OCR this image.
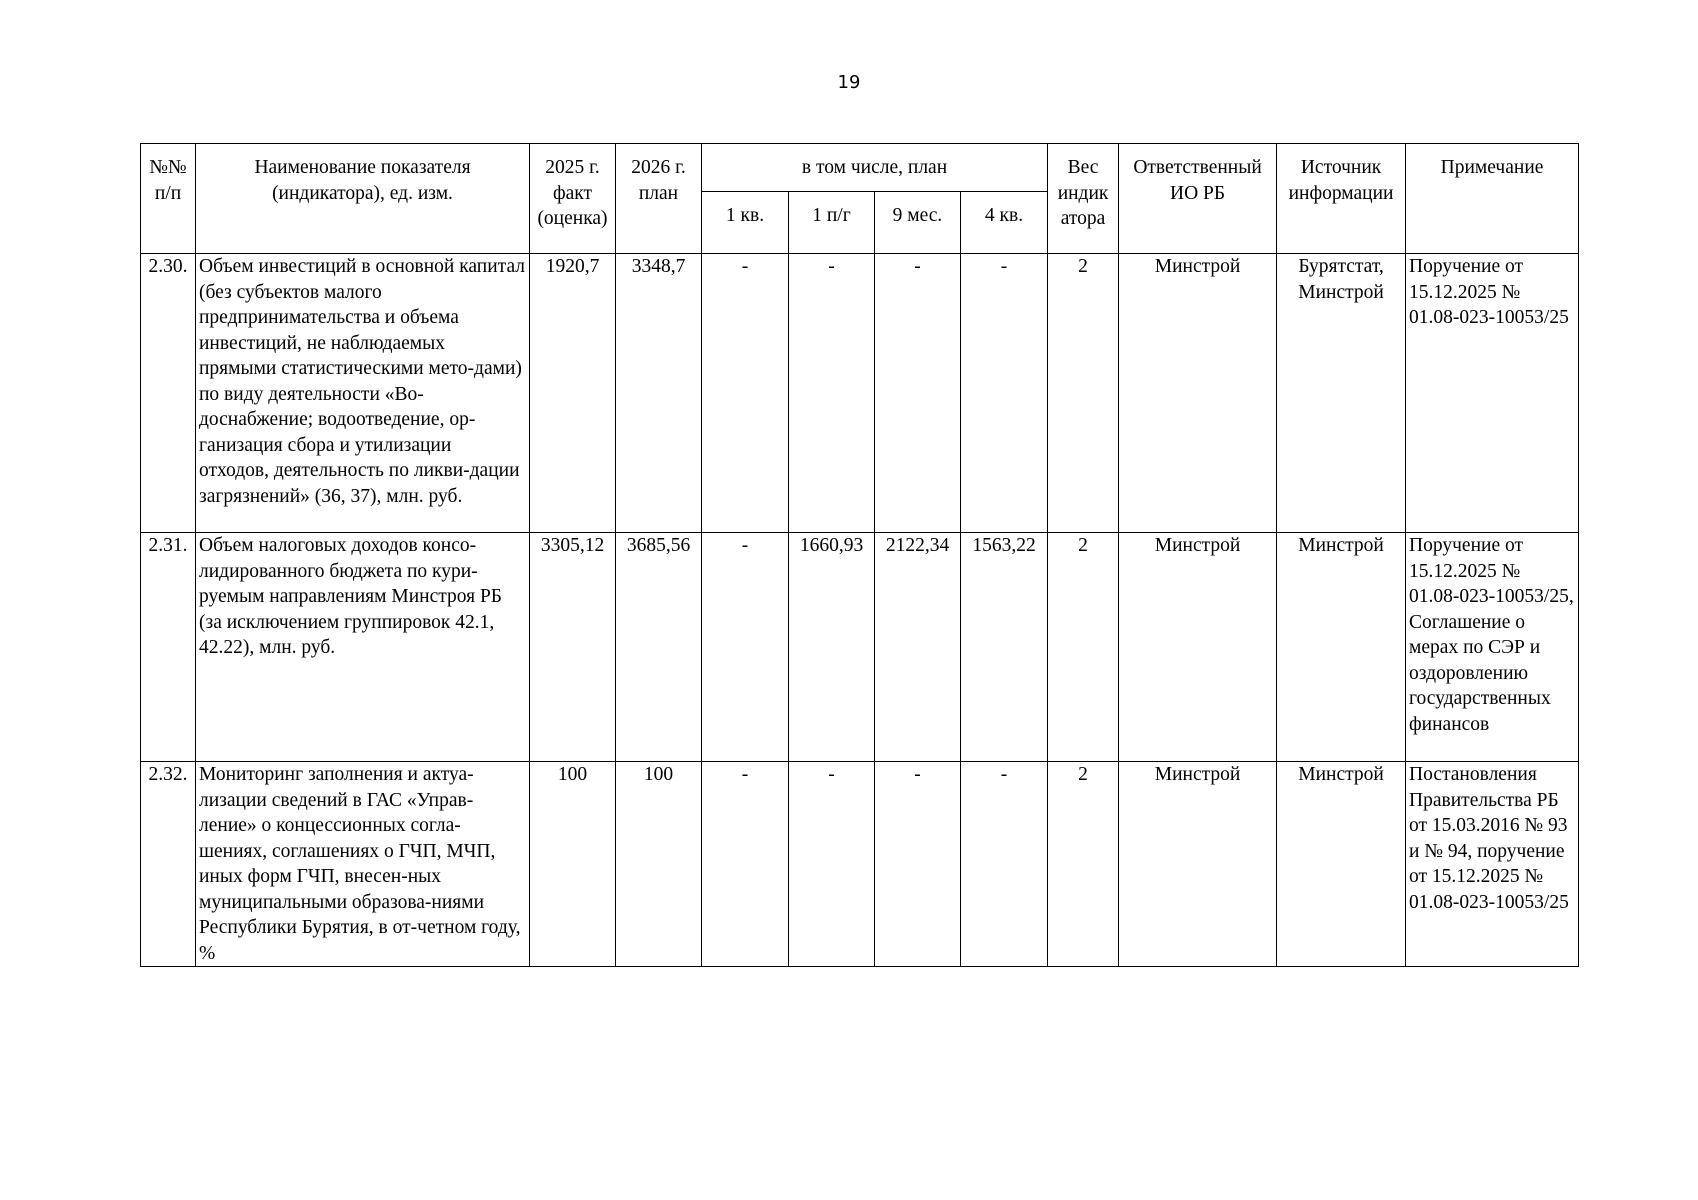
19
№№ п/п	Наименование показателя (индикатора), ед. изм.	2025 г. факт (оценка)	2026 г. план	в том числе, план				Вес индик атора	Ответственный ИО РБ	Источник информации	Примечание
				1 кв.	1 п/г	9 мес.	4 кв.				
2.30.	Объем инвестиций в основной капитал (без субъектов малого предпринимательства и объема инвестиций, не наблюдаемых прямыми статистическими мето-дами) по виду деятельности «Во-доснабжение; водоотведение, ор-ганизация сбора и утилизации отходов, деятельность по ликви-дации загрязнений» (36, 37), млн. руб.	1920,7	3348,7	-	-	-	-	2	Минстрой	Бурятстат, Минстрой	Поручение от 15.12.2025 № 01.08-023-10053/25
2.31.	Объем налоговых доходов консо-лидированного бюджета по кури-руемым направлениям Минстроя РБ (за исключением группировок 42.1, 42.22), млн. руб.	3305,12	3685,56	-	1660,93	2122,34	1563,22	2	Минстрой	Минстрой	Поручение от 15.12.2025 № 01.08-023-10053/25, Соглашение о мерах по СЭР и оздоровлению государственных финансов
2.32.	Мониторинг заполнения и актуа-лизации сведений в ГАС «Управ-ление» о концессионных согла-шениях, соглашениях о ГЧП, МЧП, иных форм ГЧП, внесен-ных муниципальными образова-ниями Республики Бурятия, в от-четном году, %	100	100	-	-	-	-	2	Минстрой	Минстрой	Постановления Правительства РБ от 15.03.2016 № 93 и № 94, поручение от 15.12.2025 № 01.08-023-10053/25
